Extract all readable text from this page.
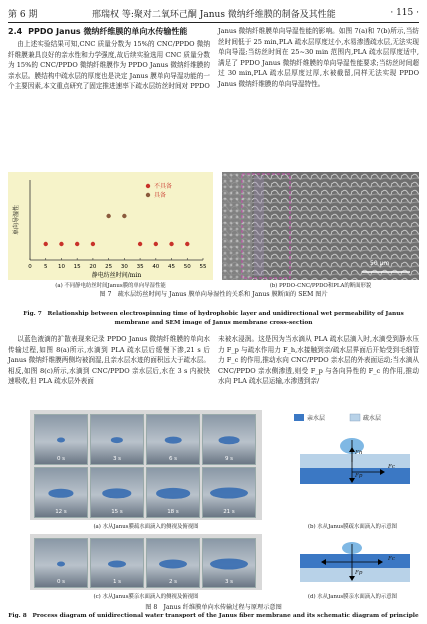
第 6 期	邢瑞权 等:聚对二氧环己酮 Janus 微纳纤维膜的制备及其性能	· 115 ·
2.4 PPDO Janus 微纳纤维膜的单向水传输性能

由上述实验结果可知,CNC 质量分数为 15%的 CNC/PPDO 微纳纤维膜兼具良好的亲水性和力学强度,故后续实验选用 CNC 质量分数为 15%的 CNC/PPDO 微纳纤维膜作为 PPDO Janus 微纳纤维膜的亲水层。膜结构中疏水层的厚度也是决定 Janus 膜单向导湿功能的一个主要因素,本文重点研究了固定推进速率下疏水层纺丝时间对 PPDO

Janus 微纳纤维膜单向导湿性能的影响。如图 7(a)和 7(b)所示,当纺丝时间低于 25 min,PLA 疏水层厚度过小,水易渗透疏水层,无法实现单向导湿;当纺丝时间在 25~30 min 范围内,PLA 疏水层厚度适中,满足了 PPDO Janus 微纳纤维膜的单向导湿性能要求;当纺丝时间超过 30 min,PLA 疏水层厚度过厚,水被截留,同样无法实现 PPDO Janus 微纳纤维膜的单向导湿特性。

0 5 10 15 20 25 30 35 40 45 50 55
静电纺丝时间/min
单向导湿性
不具备
具备
(a) 不同静电纺丝时间Janus膜的单向导湿性能
50 μm
(b) PPDO-CNC/PPDO和PLA的断面形貌
图 7　疏水层纺丝时间与 Janus 膜单向导湿性的关系和 Janus 膜断面的 SEM 图片
Fig. 7　Relationship between electrospinning time of hydrophobic layer and unidirectional wet permeability of Janus membrane and SEM image of Janus membrane cross-section

以蓝色液滴的扩散表现来记录 PPDO Janus 微纳纤维膜的单向水传输过程,如图 8(a)所示,水滴到 PLA 疏水层后缓慢下渗,21 s 后 Janus 微纳纤维膜两侧均被润湿,且亲水层水迹的面积远大于疏水层。相反,如图 8(c)所示,水滴到 CNC/PPDO 亲水层后,水在 3 s 内被快速吸收,但 PLA 疏水层外表面

未被水浸润。这是因为当水滴从 PLA 疏水层滴入时,水滴受到静水压力 F_p 与疏水作用力 F_h,水接触到亲/疏水层界面后开始受到毛细管力 F_c 的作用,推动水向 CNC/PPDO 亲水层的外表面运动;当水滴从 CNC/PPDO 亲水侧渗透,则受 F_p 与各向异性的 F_c 的作用,推动水向 PLA 疏水层运输,水渗透到亲/

0 s	3 s	6 s	9 s
12 s	15 s	18 s	21 s
(a) 水从Janus膜疏水面滴入的侧视及俯视图
亲水层	疏水层
Fp
Fh
Fc
(b) 水从Janus膜疏水面滴入的示意图
0 s	1 s	2 s	3 s
(c) 水从Janus膜亲水面滴入的侧视及俯视图
Fp
Fc
(d) 水从Janus膜亲水面滴入的示意图
图 8　Janus 纤维膜单向水传输过程与原理示意图
Fig. 8　Process diagram of unidirectional water transport of the Janus fiber membrane and its schematic diagram of principle
